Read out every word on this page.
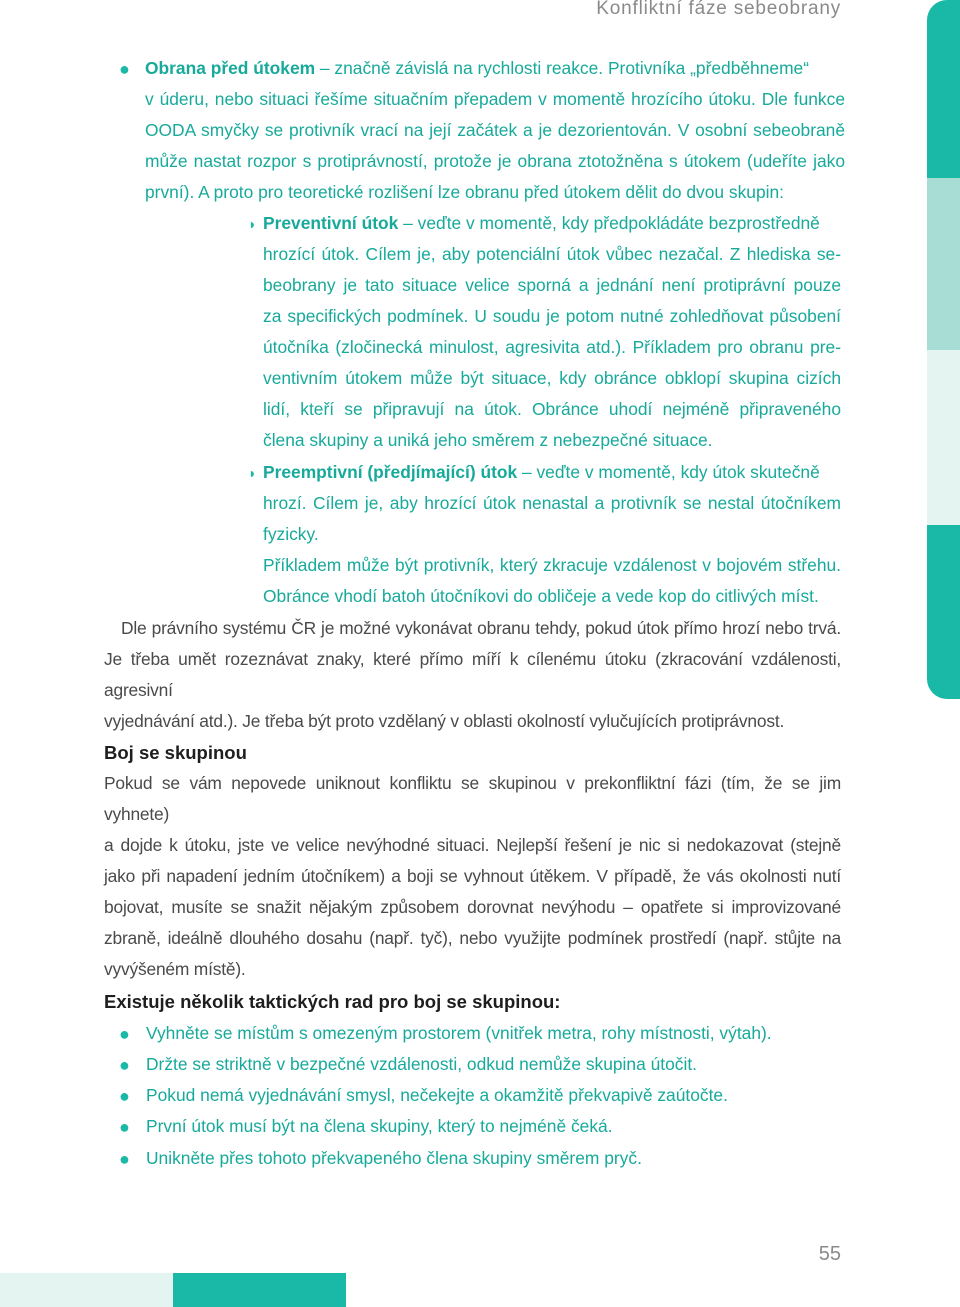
Konfliktní fáze sebeobrany
● Obrana před útokem – značně závislá na rychlosti reakce. Protivníka „předběhneme“
v úderu, nebo situaci řešíme situačním přepadem v momentě hrozícího útoku. Dle funkce
OODA smyčky se protivník vrací na její začátek a je dezorientován. V osobní sebeobraně
může nastat rozpor s protiprávností, protože je obrana ztotožněna s útokem (udeříte jako
první). A proto pro teoretické rozlišení lze obranu před útokem dělit do dvou skupin:
◗ Preventivní útok – veďte v momentě, kdy předpokládáte bezprostředně
hrozící útok. Cílem je, aby potenciální útok vůbec nezačal. Z hlediska se-
beobrany je tato situace velice sporná a jednání není protiprávní pouze
za specifických podmínek. U soudu je potom nutné zohledňovat působení
útočníka (zločinecká minulost, agresivita atd.). Příkladem pro obranu pre-
ventivním útokem může být situace, kdy obránce obklopí skupina cizích
lidí, kteří se připravují na útok. Obránce uhodí nejméně připraveného
člena skupiny a uniká jeho směrem z nebezpečné situace.
◗ Preemptivní (předjímající) útok – veďte v momentě, kdy útok skutečně
hrozí. Cílem je, aby hrozící útok nenastal a protivník se nestal útočníkem fyzicky.
Příkladem může být protivník, který zkracuje vzdálenost v bojovém střehu.
Obránce vhodí batoh útočníkovi do obličeje a vede kop do citlivých míst.
Dle právního systému ČR je možné vykonávat obranu tehdy, pokud útok přímo hrozí nebo trvá.
Je třeba umět rozeznávat znaky, které přímo míří k cílenému útoku (zkracování vzdálenosti, agresivní
vyjednávání atd.). Je třeba být proto vzdělaný v oblasti okolností vylučujících protiprávnost.
Boj se skupinou
Pokud se vám nepovede uniknout konfliktu se skupinou v prekonfliktní fázi (tím, že se jim vyhnete)
a dojde k útoku, jste ve velice nevýhodné situaci. Nejlepší řešení je nic si nedokazovat (stejně
jako při napadení jedním útočníkem) a boji se vyhnout útěkem. V případě, že vás okolnosti nutí
bojovat, musíte se snažit nějakým způsobem dorovnat nevýhodu – opatřete si improvizované
zbraně, ideálně dlouhého dosahu (např. tyč), nebo využijte podmínek prostředí (např. stůjte na
vyvýšeném místě).
Existuje několik taktických rad pro boj se skupinou:
● Vyhněte se místům s omezeným prostorem (vnitřek metra, rohy místnosti, výtah).
● Držte se striktně v bezpečné vzdálenosti, odkud nemůže skupina útočit.
● Pokud nemá vyjednávání smysl, nečekejte a okamžitě překvapivě zaútočte.
● První útok musí být na člena skupiny, který to nejméně čeká.
● Unikněte přes tohoto překvapeného člena skupiny směrem pryč.
55
